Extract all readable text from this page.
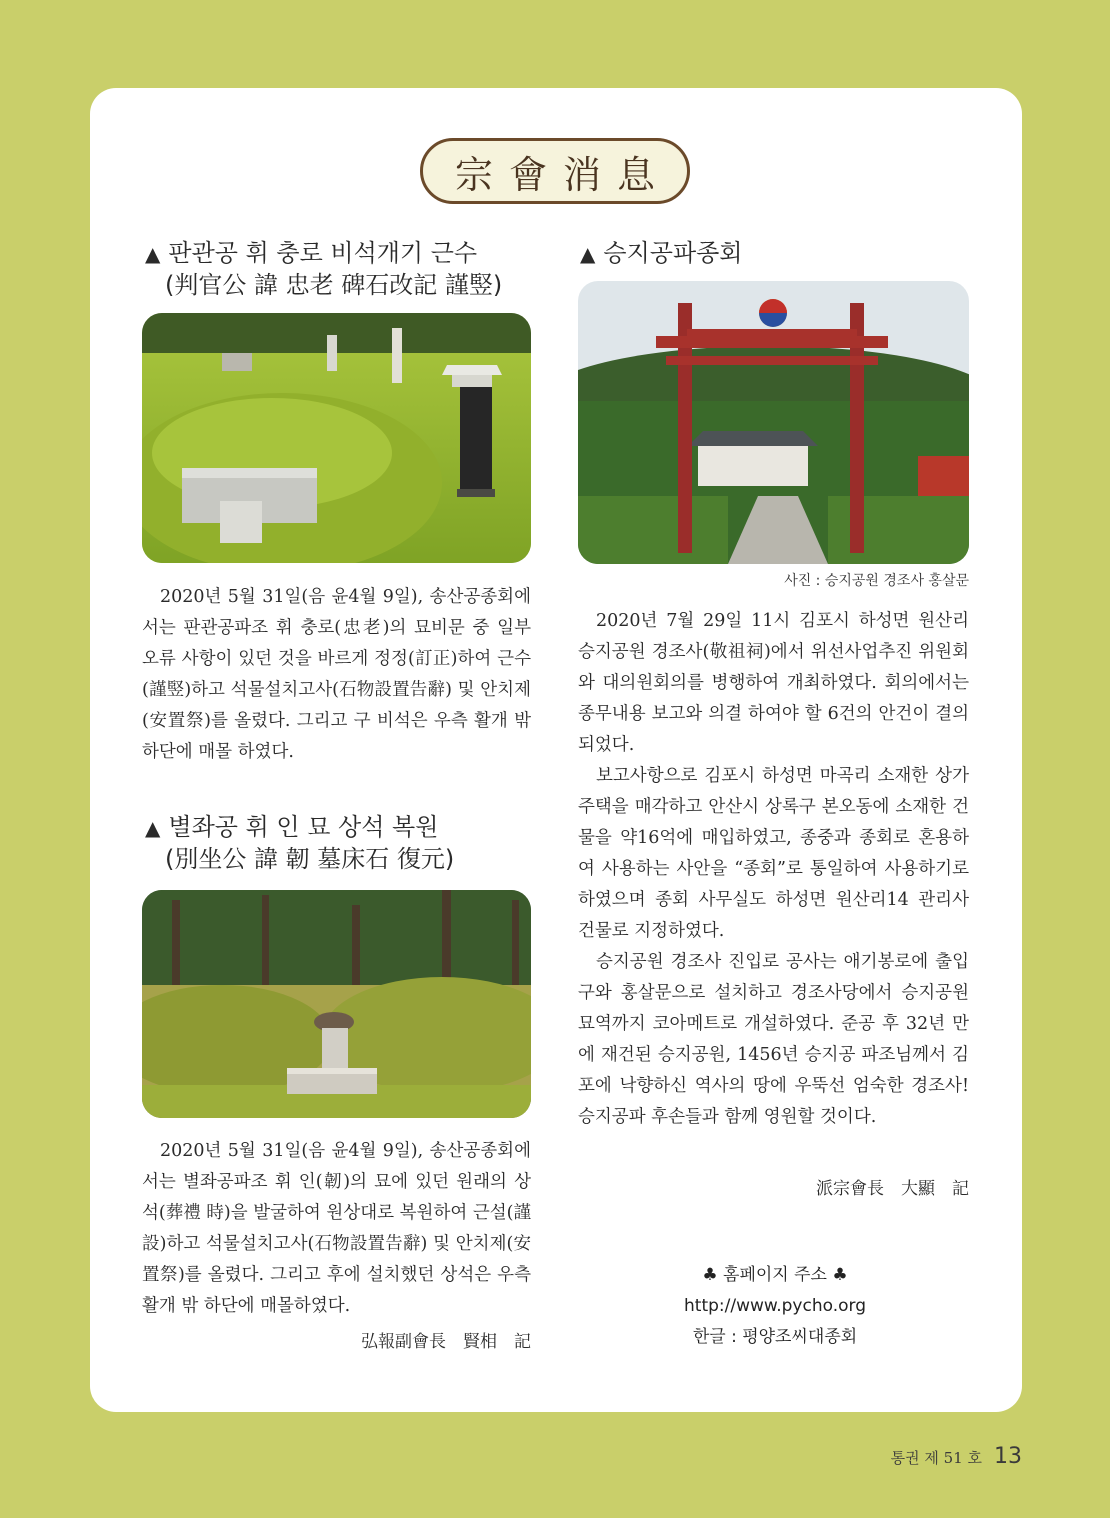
宗會消息
▲ 판관공 휘 충로 비석개기 근수
(判官公 諱 忠老 碑石改記 謹竪)

2020년 5월 31일(음 윤4월 9일), 송산공종회에서는 판관공파조 휘 충로(忠老)의 묘비문 중 일부 오류 사항이 있던 것을 바르게 정정(訂正)하여 근수(謹竪)하고 석물설치고사(石物設置告辭) 및 안치제(安置祭)를 올렸다. 그리고 구 비석은 우측 활개 밖 하단에 매몰 하였다.

▲ 별좌공 휘 인 묘 상석 복원
(別坐公 諱 韌 墓床石 復元)

2020년 5월 31일(음 윤4월 9일), 송산공종회에서는 별좌공파조 휘 인(韌)의 묘에 있던 원래의 상석(葬禮 時)을 발굴하여 원상대로 복원하여 근설(謹設)하고 석물설치고사(石物設置告辭) 및 안치제(安置祭)를 올렸다. 그리고 후에 설치했던 상석은 우측 활개 밖 하단에 매몰하였다.

弘報副會長　賢相　記
▲ 승지공파종회
사진 : 승지공원 경조사 홍살문

2020년 7월 29일 11시 김포시 하성면 원산리 승지공원 경조사(敬祖祠)에서 위선사업추진 위원회와 대의원회의를 병행하여 개최하였다. 회의에서는 종무내용 보고와 의결 하여야 할 6건의 안건이 결의되었다.

보고사항으로 김포시 하성면 마곡리 소재한 상가 주택을 매각하고 안산시 상록구 본오동에 소재한 건물을 약16억에 매입하였고, 종중과 종회로 혼용하여 사용하는 사안을 “종회”로 통일하여 사용하기로 하였으며 종회 사무실도 하성면 원산리14 관리사 건물로 지정하였다.

승지공원 경조사 진입로 공사는 애기봉로에 출입구와 홍살문으로 설치하고 경조사당에서 승지공원 묘역까지 코아메트로 개설하였다. 준공 후 32년 만에 재건된 승지공원, 1456년 승지공 파조님께서 김포에 낙향하신 역사의 땅에 우뚝선 엄숙한 경조사! 승지공파 후손들과 함께 영원할 것이다.

派宗會長　大顯　記
♣ 홈페이지 주소 ♣
http://www.pycho.org
한글 : 평양조씨대종회
통권 제 51 호 13
